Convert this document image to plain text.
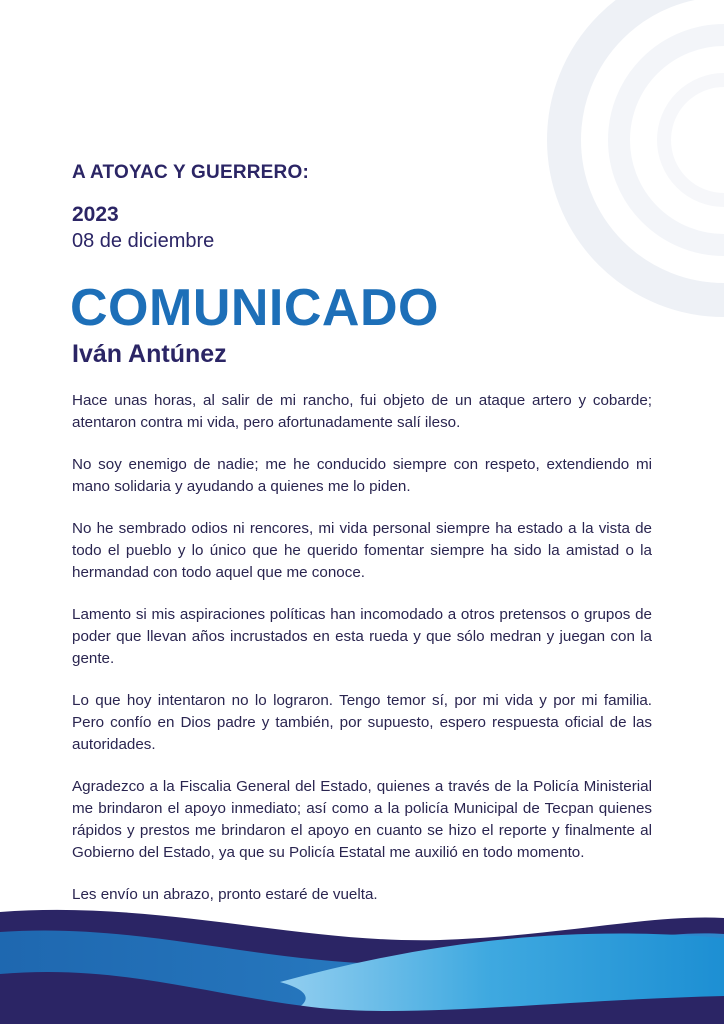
A ATOYAC Y GUERRERO:
2023
08 de diciembre
COMUNICADO
Iván Antúnez

Hace unas horas, al salir de mi rancho, fui objeto de un ataque artero y cobarde; atentaron contra mi vida, pero afortunadamente salí ileso.

No soy enemigo de nadie; me he conducido siempre con respeto, extendiendo mi mano solidaria y ayudando a quienes me lo piden.

No he sembrado odios ni rencores, mi vida personal siempre ha estado a la vista de todo el pueblo y lo único que he querido fomentar siempre ha sido la amistad o la hermandad con todo aquel que me conoce.

Lamento si mis aspiraciones políticas han incomodado a otros pretensos o grupos de poder que llevan años incrustados en esta rueda y que sólo medran y juegan con la gente.

Lo que hoy intentaron no lo lograron. Tengo temor sí, por mi vida y por mi familia. Pero confío en Dios padre y también, por supuesto, espero respuesta oficial de las autoridades.

Agradezco a la Fiscalia General del Estado, quienes a través de la Policía Ministerial me brindaron el apoyo inmediato; así como a la policía Municipal de Tecpan quienes rápidos y prestos me brindaron el apoyo en cuanto se hizo el reporte y finalmente al Gobierno del Estado, ya que su Policía Estatal me auxilió en todo momento.

Les envío un abrazo, pronto estaré de vuelta.
